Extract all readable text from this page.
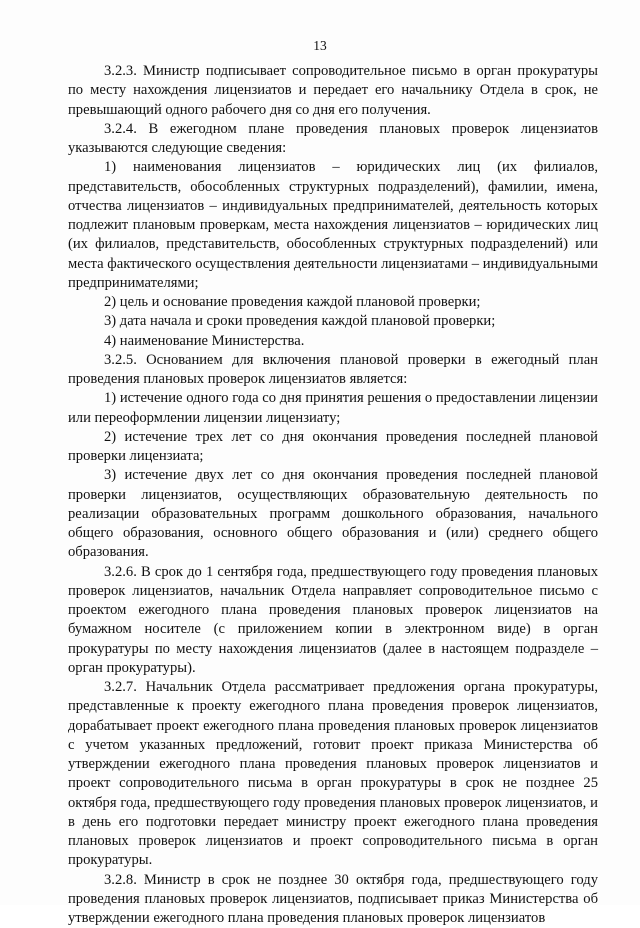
13

3.2.3. Министр подписывает сопроводительное письмо в орган прокуратуры по месту нахождения лицензиатов и передает его начальнику Отдела в срок, не превышающий одного рабочего дня со дня его получения.

3.2.4. В ежегодном плане проведения плановых проверок лицензиатов указываются следующие сведения:

1) наименования лицензиатов – юридических лиц (их филиалов, представительств, обособленных структурных подразделений), фамилии, имена, отчества лицензиатов – индивидуальных предпринимателей, деятельность которых подлежит плановым проверкам, места нахождения лицензиатов – юридических лиц (их филиалов, представительств, обособленных структурных подразделений) или места фактического осуществления деятельности лицензиатами – индивидуальными предпринимателями;

2) цель и основание проведения каждой плановой проверки;

3) дата начала и сроки проведения каждой плановой проверки;

4) наименование Министерства.

3.2.5. Основанием для включения плановой проверки в ежегодный план проведения плановых проверок лицензиатов является:

1) истечение одного года со дня принятия решения о предоставлении лицензии или переоформлении лицензии лицензиату;

2) истечение трех лет со дня окончания проведения последней плановой проверки лицензиата;

3) истечение двух лет со дня окончания проведения последней плановой проверки лицензиатов, осуществляющих образовательную деятельность по реализации образовательных программ дошкольного образования, начального общего образования, основного общего образования и (или) среднего общего образования.

3.2.6. В срок до 1 сентября года, предшествующего году проведения плановых проверок лицензиатов, начальник Отдела направляет сопроводительное письмо с проектом ежегодного плана проведения плановых проверок лицензиатов на бумажном носителе (с приложением копии в электронном виде) в орган прокуратуры по месту нахождения лицензиатов (далее в настоящем подразделе – орган прокуратуры).

3.2.7. Начальник Отдела рассматривает предложения органа прокуратуры, представленные к проекту ежегодного плана проведения проверок лицензиатов, дорабатывает проект ежегодного плана проведения плановых проверок лицензиатов с учетом указанных предложений, готовит проект приказа Министерства об утверждении ежегодного плана проведения плановых проверок лицензиатов и проект сопроводительного письма в орган прокуратуры в срок не позднее 25 октября года, предшествующего году проведения плановых проверок лицензиатов, и в день его подготовки передает министру проект ежегодного плана проведения плановых проверок лицензиатов и проект сопроводительного письма в орган прокуратуры.

3.2.8. Министр в срок не позднее 30 октября года, предшествующего году проведения плановых проверок лицензиатов, подписывает приказ Министерства об утверждении ежегодного плана проведения плановых проверок лицензиатов
